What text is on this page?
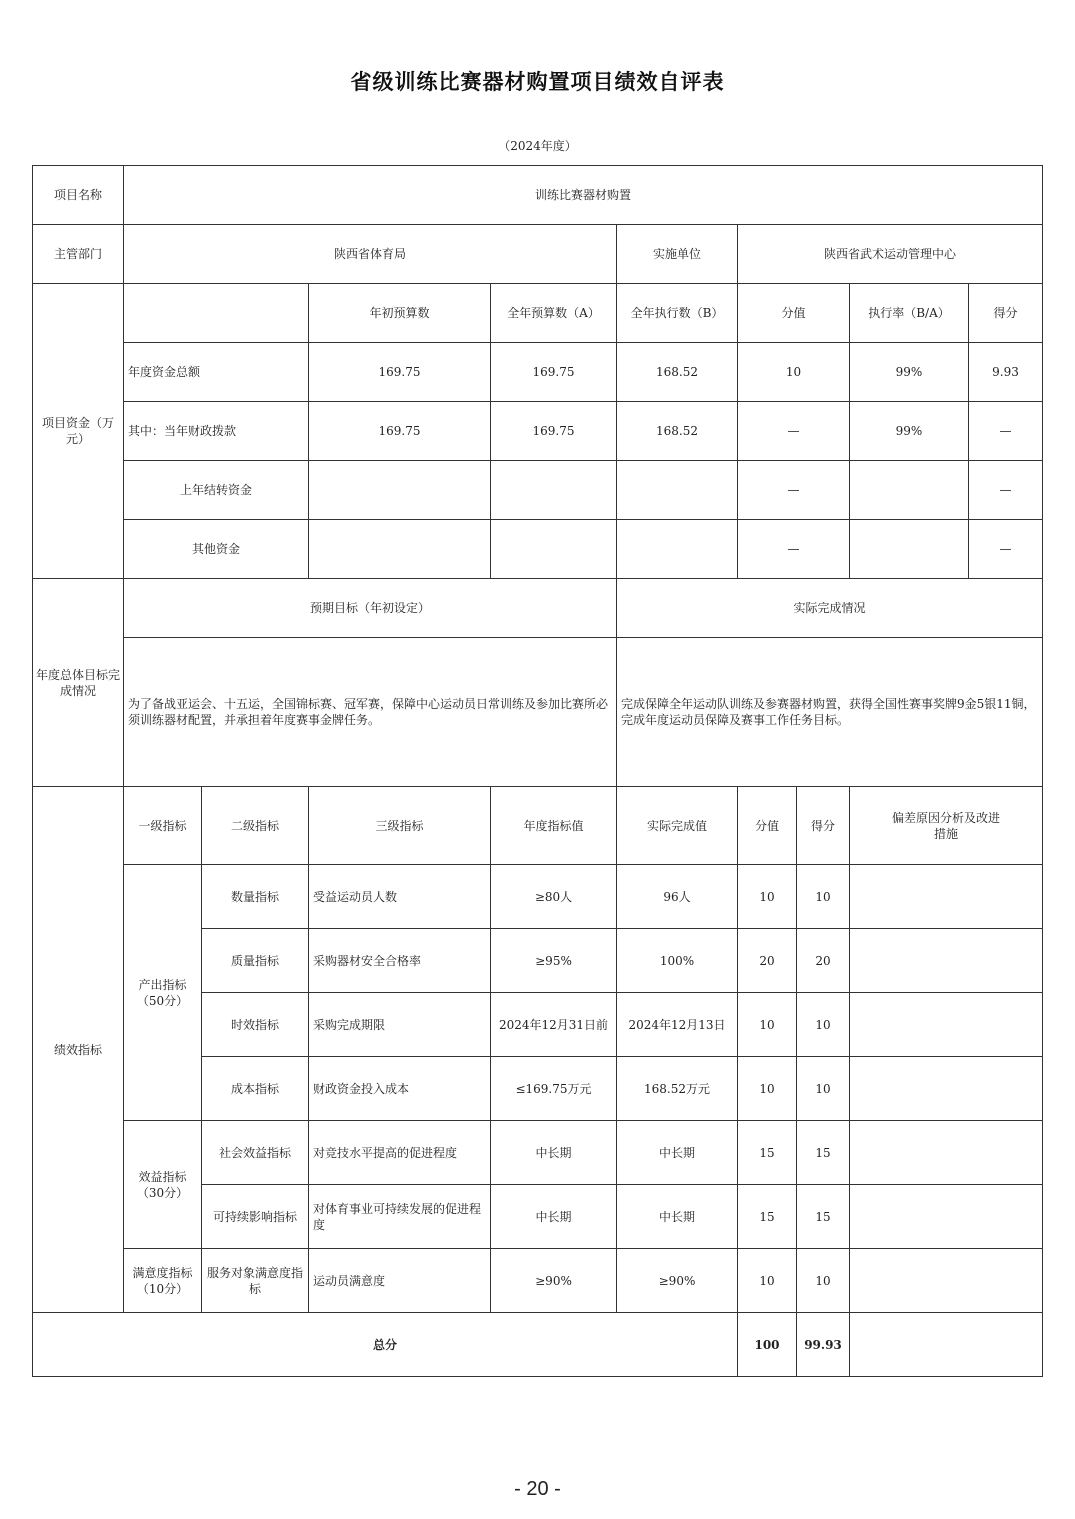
省级训练比赛器材购置项目绩效自评表
（2024年度）
项目名称	训练比赛器材购置								
主管部门	陕西省体育局				实施单位	陕西省武术运动管理中心			
项目资金（万元）			年初预算数	全年预算数（A）	全年执行数（B）	分值		执行率（B/A）	得分
	年度资金总额		169.75	169.75	168.52	10		99%	9.93
	其中：当年财政拨款		169.75	169.75	168.52	—		99%	—
	上年结转资金					—			—
	其他资金					—			—
年度总体目标完成情况	预期目标（年初设定）				实际完成情况				
	为了备战亚运会、十五运，全国锦标赛、冠军赛，保障中心运动员日常训练及参加比赛所必须训练器材配置，并承担着年度赛事金牌任务。				完成保障全年运动队训练及参赛器材购置，获得全国性赛事奖牌9金5银11铜，完成年度运动员保障及赛事工作任务目标。				
绩效指标	一级指标	二级指标	三级指标	年度指标值	实际完成值	分值	得分	偏差原因分析及改进措施	
	产出指标（50分）	数量指标	受益运动员人数	≥80人	96人	10	10		
		质量指标	采购器材安全合格率	≥95%	100%	20	20		
		时效指标	采购完成期限	2024年12月31日前	2024年12月13日	10	10		
		成本指标	财政资金投入成本	≤169.75万元	168.52万元	10	10		
	效益指标（30分）	社会效益指标	对竞技水平提高的促进程度	中长期	中长期	15	15		
		可持续影响指标	对体育事业可持续发展的促进程度	中长期	中长期	15	15		
	满意度指标（10分）	服务对象满意度指标	运动员满意度	≥90%	≥90%	10	10		
总分						100	99.93		
- 20 -
